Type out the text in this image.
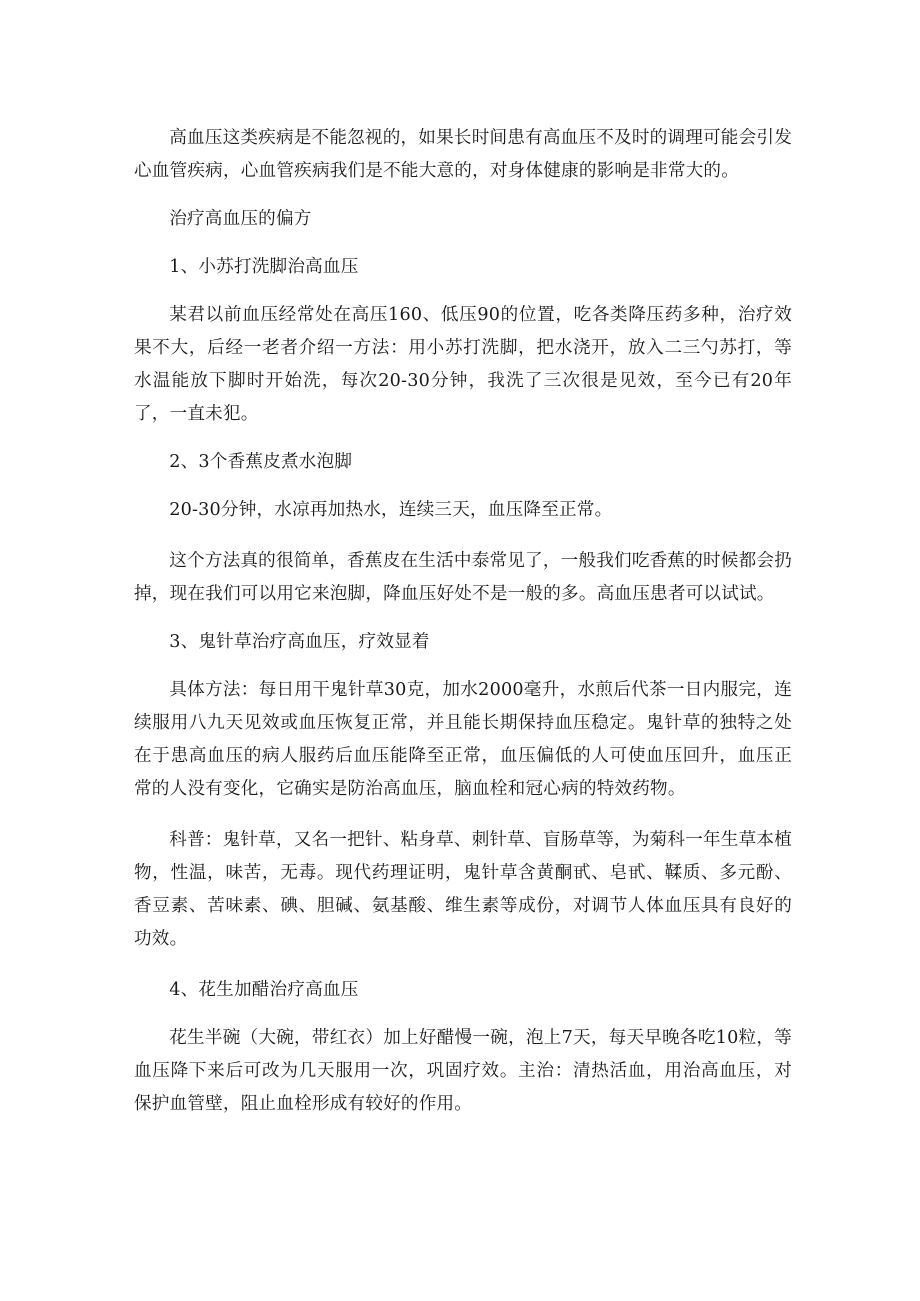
高血压这类疾病是不能忽视的，如果长时间患有高血压不及时的调理可能会引发心血管疾病，心血管疾病我们是不能大意的，对身体健康的影响是非常大的。

治疗高血压的偏方

1、小苏打洗脚治高血压

某君以前血压经常处在高压160、低压90的位置，吃各类降压药多种，治疗效果不大，后经一老者介绍一方法：用小苏打洗脚，把水浇开，放入二三勺苏打，等水温能放下脚时开始洗，每次20-30分钟，我洗了三次很是见效，至今已有20年了，一直未犯。

2、3个香蕉皮煮水泡脚

20-30分钟，水凉再加热水，连续三天，血压降至正常。

这个方法真的很简单，香蕉皮在生活中泰常见了，一般我们吃香蕉的时候都会扔掉，现在我们可以用它来泡脚，降血压好处不是一般的多。高血压患者可以试试。

3、鬼针草治疗高血压，疗效显着

具体方法：每日用干鬼针草30克，加水2000毫升，水煎后代茶一日内服完，连续服用八九天见效或血压恢复正常，并且能长期保持血压稳定。鬼针草的独特之处在于患高血压的病人服药后血压能降至正常，血压偏低的人可使血压回升，血压正常的人没有变化，它确实是防治高血压，脑血栓和冠心病的特效药物。

科普：鬼针草，又名一把针、粘身草、刺针草、盲肠草等，为菊科一年生草本植物，性温，味苦，无毒。现代药理证明，鬼针草含黄酮甙、皂甙、鞣质、多元酚、香豆素、苦味素、碘、胆碱、氨基酸、维生素等成份，对调节人体血压具有良好的功效。

4、花生加醋治疗高血压

花生半碗（大碗，带红衣）加上好醋慢一碗，泡上7天，每天早晚各吃10粒，等血压降下来后可改为几天服用一次，巩固疗效。主治：清热活血，用治高血压，对保护血管壁，阻止血栓形成有较好的作用。
